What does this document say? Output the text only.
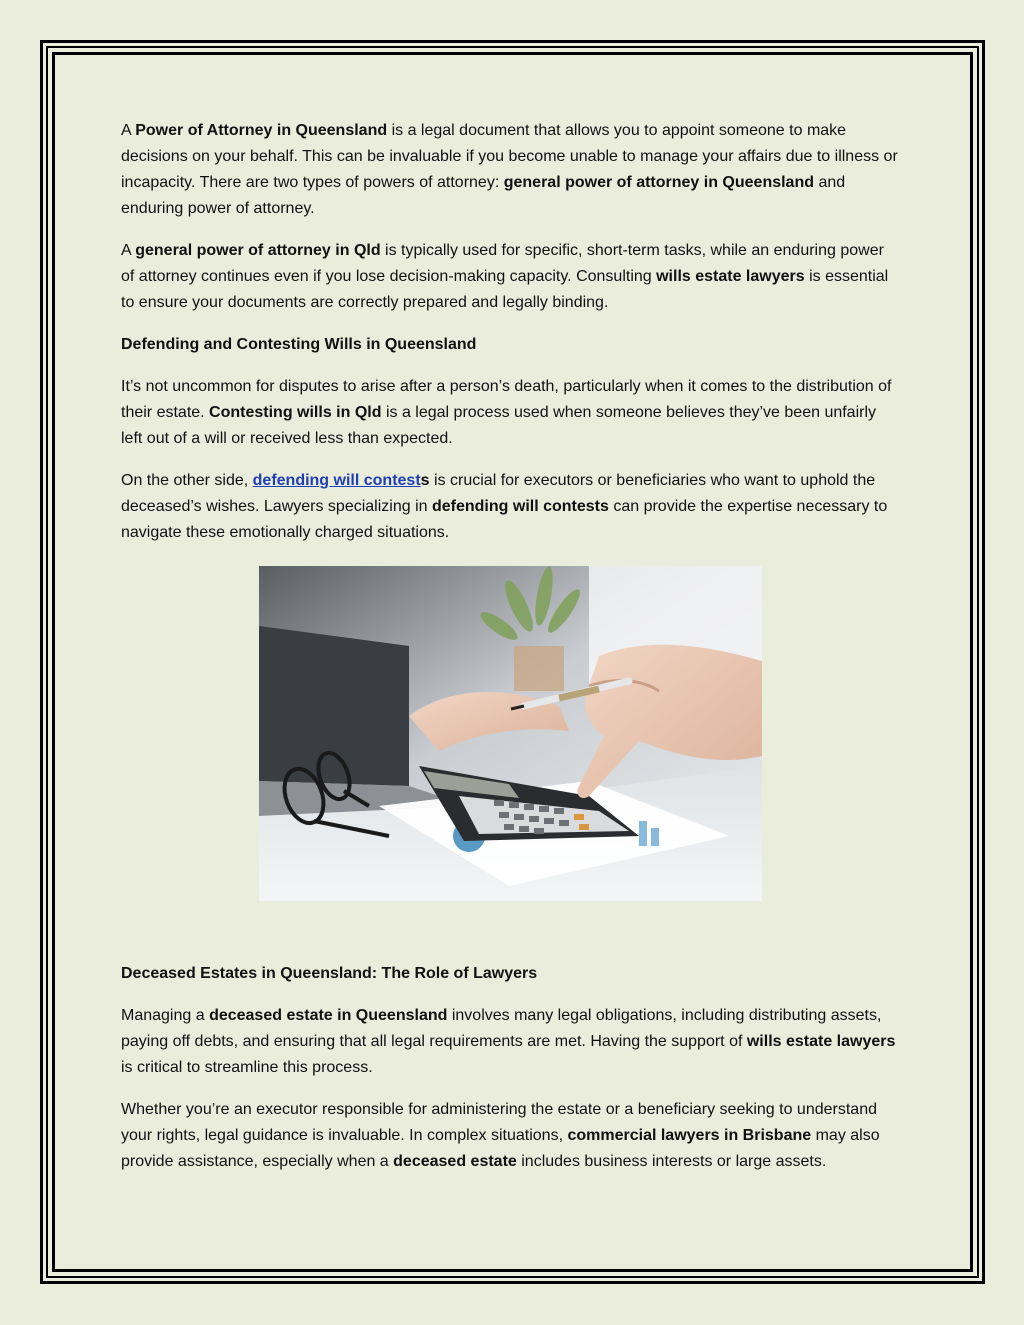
A Power of Attorney in Queensland is a legal document that allows you to appoint someone to make decisions on your behalf. This can be invaluable if you become unable to manage your affairs due to illness or incapacity. There are two types of powers of attorney: general power of attorney in Queensland and enduring power of attorney.

A general power of attorney in Qld is typically used for specific, short-term tasks, while an enduring power of attorney continues even if you lose decision-making capacity. Consulting wills estate lawyers is essential to ensure your documents are correctly prepared and legally binding.

Defending and Contesting Wills in Queensland

It’s not uncommon for disputes to arise after a person’s death, particularly when it comes to the distribution of their estate. Contesting wills in Qld is a legal process used when someone believes they’ve been unfairly left out of a will or received less than expected.

On the other side, defending will contests is crucial for executors or beneficiaries who want to uphold the deceased’s wishes. Lawyers specializing in defending will contests can provide the expertise necessary to navigate these emotionally charged situations.

Deceased Estates in Queensland: The Role of Lawyers

Managing a deceased estate in Queensland involves many legal obligations, including distributing assets, paying off debts, and ensuring that all legal requirements are met. Having the support of wills estate lawyers is critical to streamline this process.

Whether you’re an executor responsible for administering the estate or a beneficiary seeking to understand your rights, legal guidance is invaluable. In complex situations, commercial lawyers in Brisbane may also provide assistance, especially when a deceased estate includes business interests or large assets.
